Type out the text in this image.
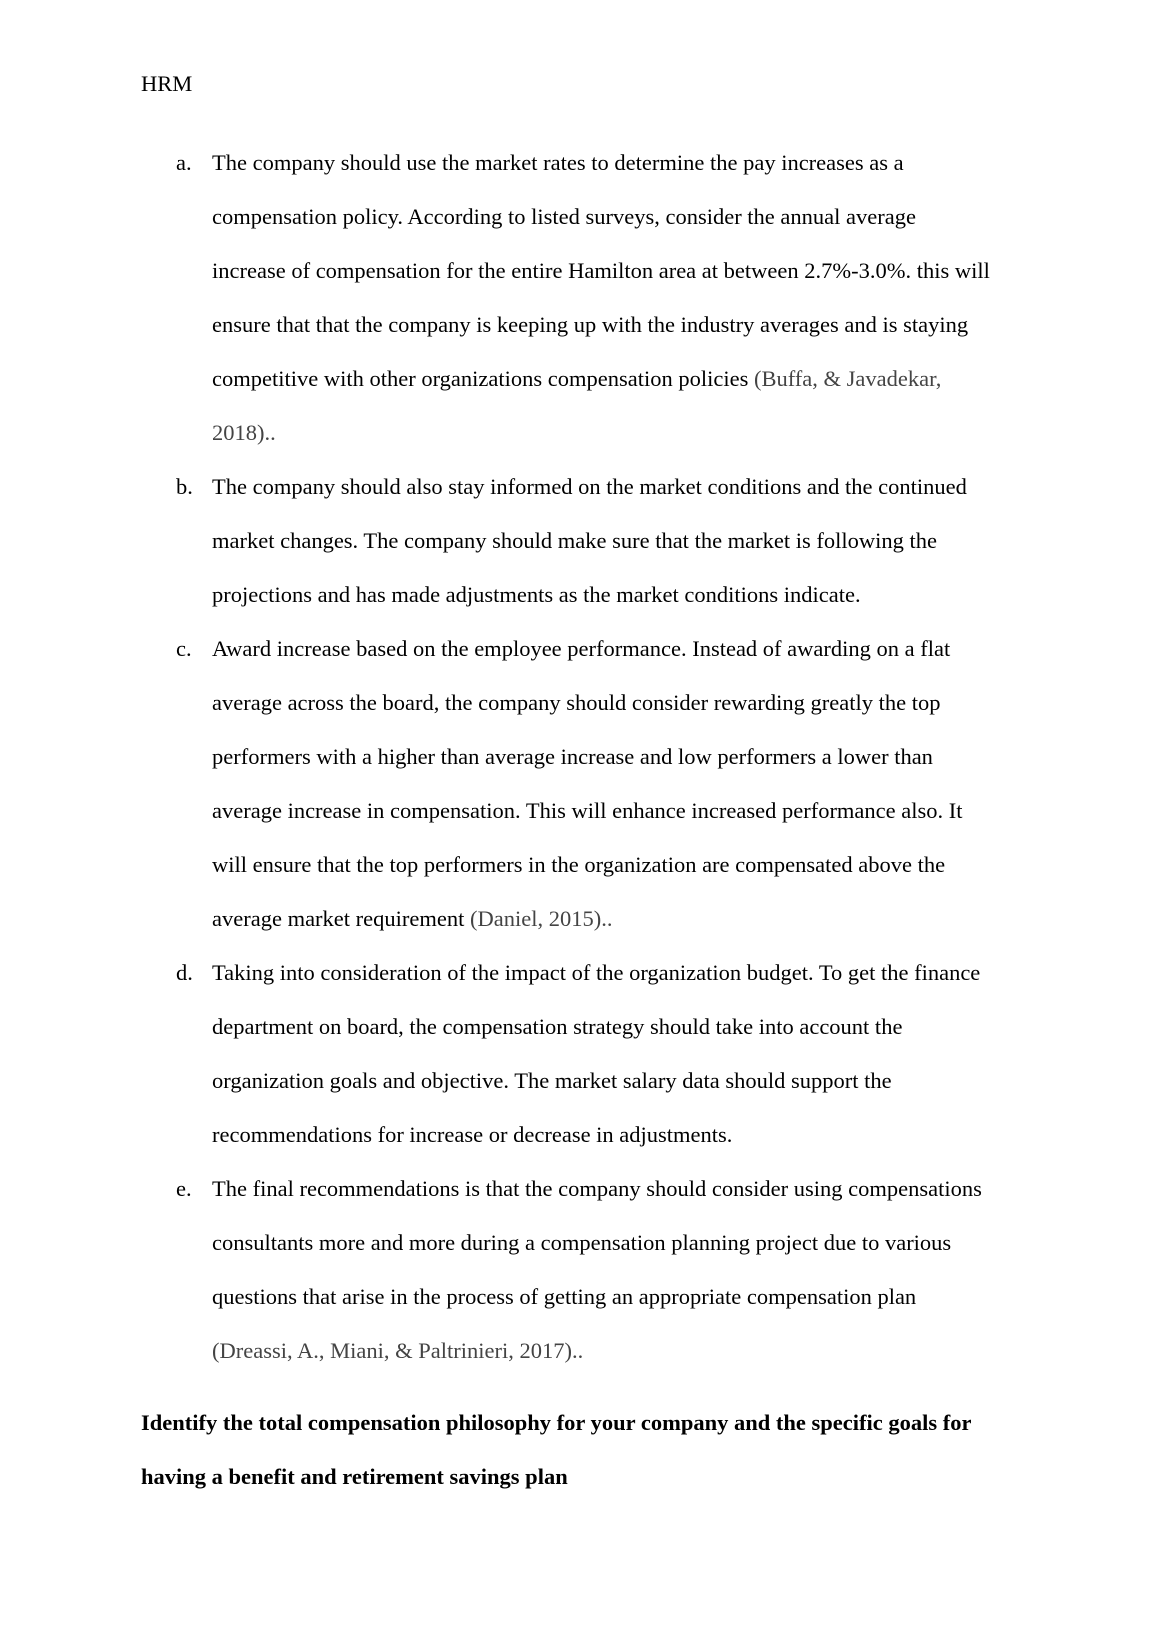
HRM
a. The company should use the market rates to determine the pay increases as a
compensation policy. According to listed surveys, consider the annual average
increase of compensation for the entire Hamilton area at between 2.7%-3.0%. this will
ensure that that the company is keeping up with the industry averages and is staying
competitive with other organizations compensation policies (Buffa, & Javadekar,
2018)..
b. The company should also stay informed on the market conditions and the continued
market changes. The company should make sure that the market is following the
projections and has made adjustments as the market conditions indicate.
c. Award increase based on the employee performance. Instead of awarding on a flat
average across the board, the company should consider rewarding greatly the top
performers with a higher than average increase and low performers a lower than
average increase in compensation. This will enhance increased performance also. It
will ensure that the top performers in the organization are compensated above the
average market requirement (Daniel, 2015)..
d. Taking into consideration of the impact of the organization budget. To get the finance
department on board, the compensation strategy should take into account the
organization goals and objective. The market salary data should support the
recommendations for increase or decrease in adjustments.
e. The final recommendations is that the company should consider using compensations
consultants more and more during a compensation planning project due to various
questions that arise in the process of getting an appropriate compensation plan
(Dreassi, A., Miani, & Paltrinieri, 2017)..
Identify the total compensation philosophy for your company and the specific goals for
having a benefit and retirement savings plan
